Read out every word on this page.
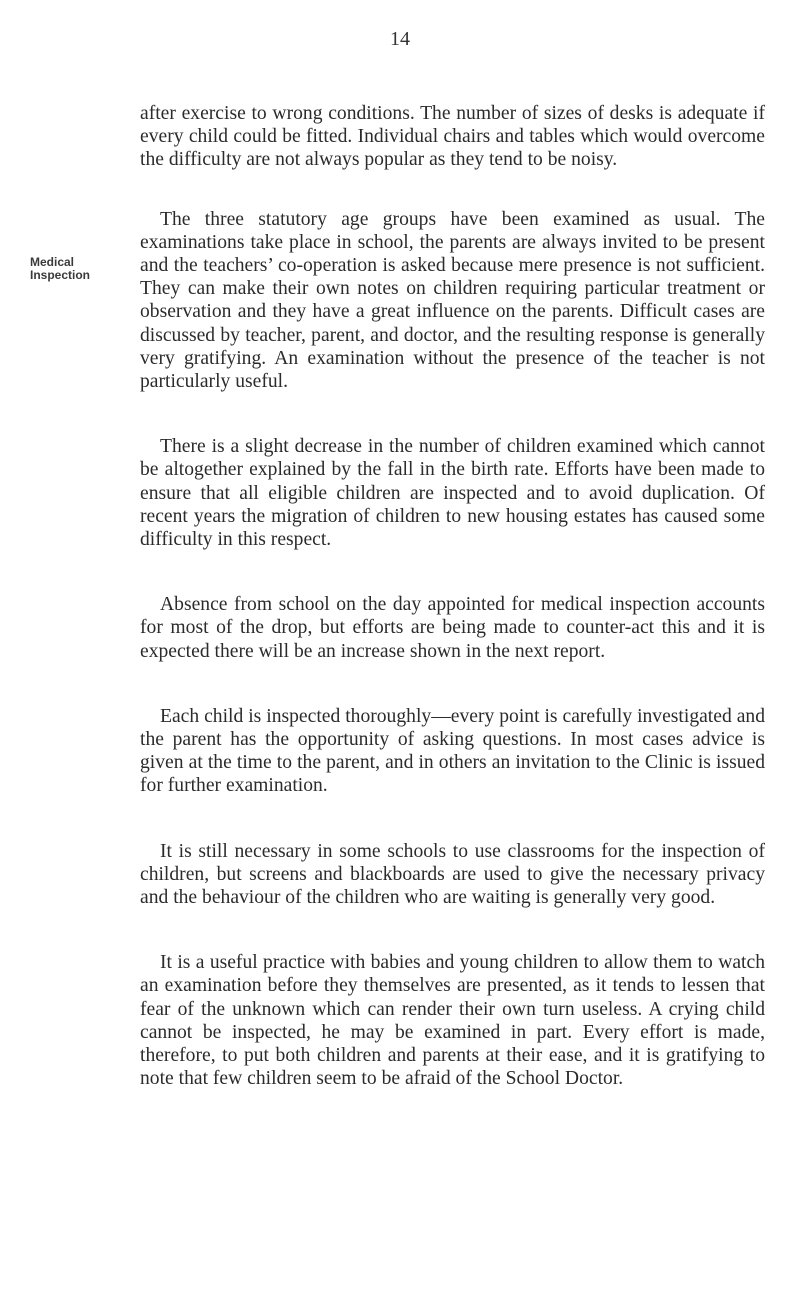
14
Medical Inspection

after exercise to wrong conditions. The number of sizes of desks is adequate if every child could be fitted. Individual chairs and tables which would overcome the difficulty are not always popular as they tend to be noisy.

The three statutory age groups have been examined as usual. The examinations take place in school, the parents are always invited to be present and the teachers’ co-operation is asked because mere presence is not sufficient. They can make their own notes on children requiring particular treatment or observation and they have a great influence on the parents. Difficult cases are discussed by teacher, parent, and doctor, and the resulting response is generally very gratifying. An examination without the presence of the teacher is not particularly useful.

There is a slight decrease in the number of children examined which cannot be altogether explained by the fall in the birth rate. Efforts have been made to ensure that all eligible children are inspected and to avoid duplication. Of recent years the migration of children to new housing estates has caused some difficulty in this respect.

Absence from school on the day appointed for medical inspection accounts for most of the drop, but efforts are being made to counter-act this and it is expected there will be an increase shown in the next report.

Each child is inspected thoroughly—every point is carefully investigated and the parent has the opportunity of asking questions. In most cases advice is given at the time to the parent, and in others an invitation to the Clinic is issued for further examination.

It is still necessary in some schools to use classrooms for the inspection of children, but screens and blackboards are used to give the necessary privacy and the behaviour of the children who are waiting is generally very good.

It is a useful practice with babies and young children to allow them to watch an examination before they themselves are presented, as it tends to lessen that fear of the unknown which can render their own turn useless. A crying child cannot be inspected, he may be examined in part. Every effort is made, therefore, to put both children and parents at their ease, and it is gratifying to note that few children seem to be afraid of the School Doctor.
